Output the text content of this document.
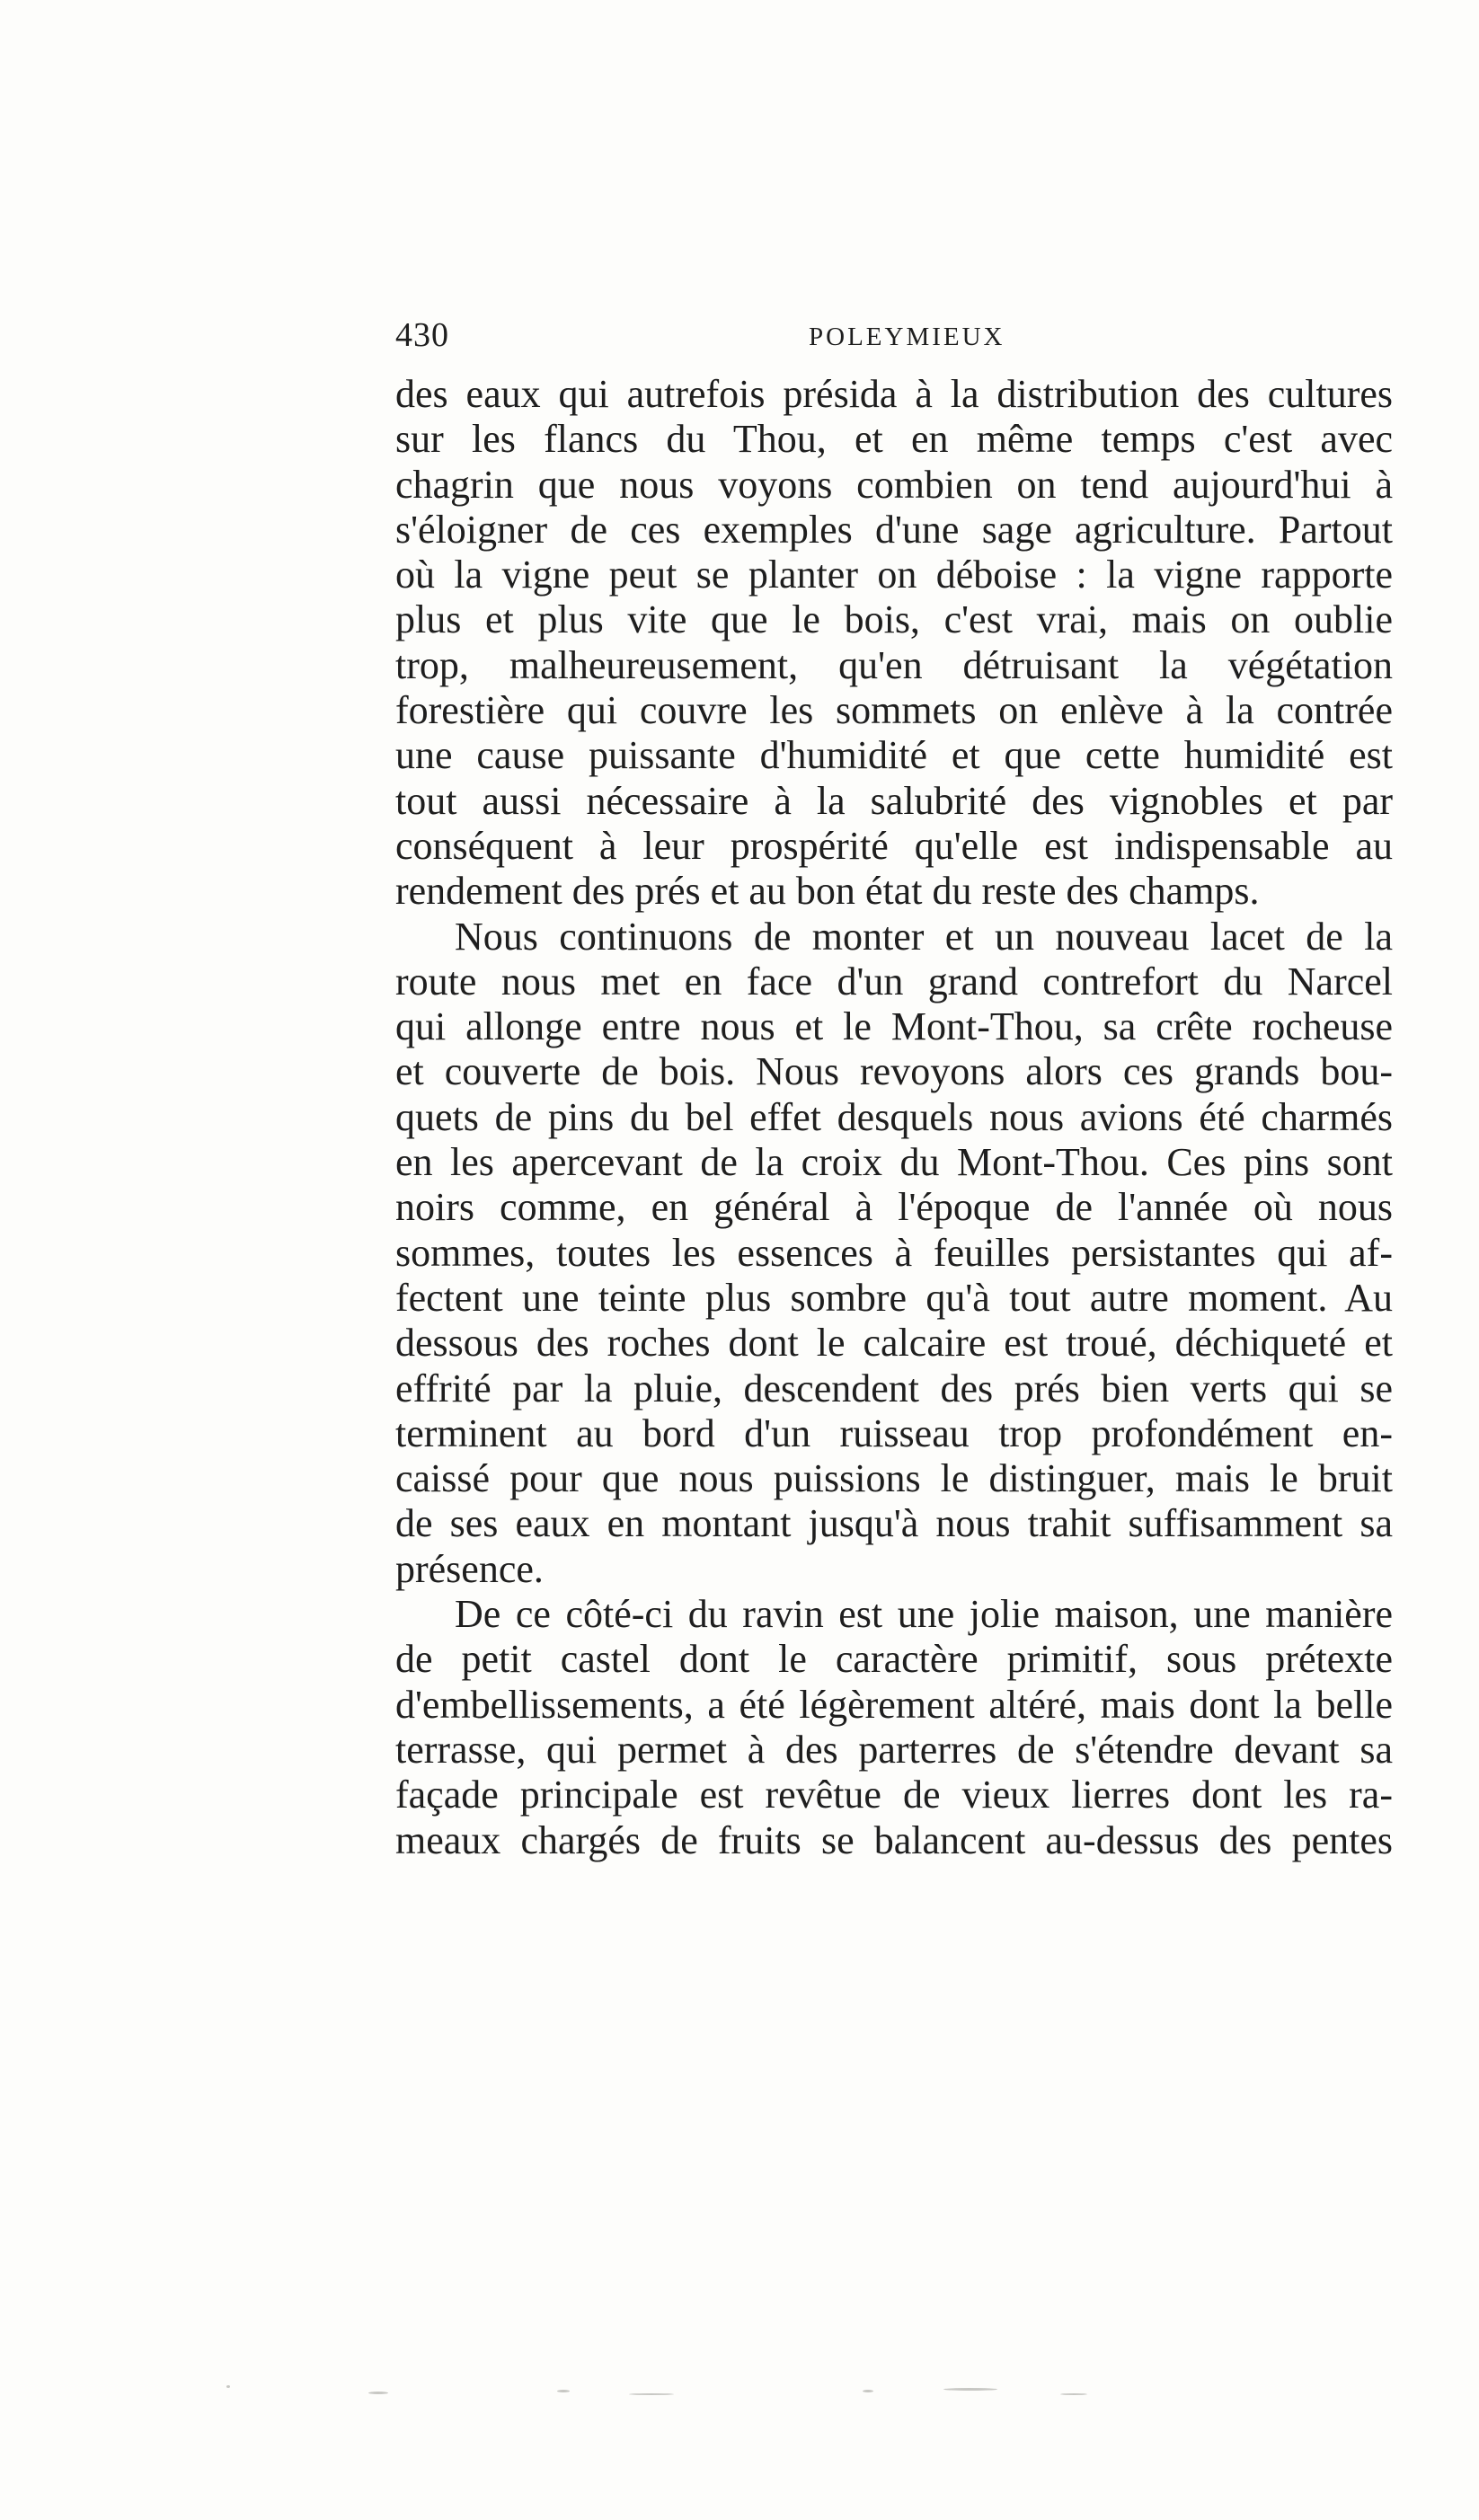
430	POLEYMIEUX
des eaux qui autrefois présida à la distribution des cultures
sur les flancs du Thou, et en même temps c'est avec
chagrin que nous voyons combien on tend aujourd'hui à
s'éloigner de ces exemples d'une sage agriculture. Partout
où la vigne peut se planter on déboise : la vigne rapporte
plus et plus vite que le bois, c'est vrai, mais on oublie
trop, malheureusement, qu'en détruisant la végétation
forestière qui couvre les sommets on enlève à la contrée
une cause puissante d'humidité et que cette humidité est
tout aussi nécessaire à la salubrité des vignobles et par
conséquent à leur prospérité qu'elle est indispensable au
rendement des prés et au bon état du reste des champs.
Nous continuons de monter et un nouveau lacet de la
route nous met en face d'un grand contrefort du Narcel
qui allonge entre nous et le Mont-Thou, sa crête rocheuse
et couverte de bois. Nous revoyons alors ces grands bou-
quets de pins du bel effet desquels nous avions été charmés
en les apercevant de la croix du Mont-Thou. Ces pins sont
noirs comme, en général à l'époque de l'année où nous
sommes, toutes les essences à feuilles persistantes qui af-
fectent une teinte plus sombre qu'à tout autre moment. Au
dessous des roches dont le calcaire est troué, déchiqueté et
effrité par la pluie, descendent des prés bien verts qui se
terminent au bord d'un ruisseau trop profondément en-
caissé pour que nous puissions le distinguer, mais le bruit
de ses eaux en montant jusqu'à nous trahit suffisamment sa
présence.
De ce côté-ci du ravin est une jolie maison, une manière
de petit castel dont le caractère primitif, sous prétexte
d'embellissements, a été légèrement altéré, mais dont la belle
terrasse, qui permet à des parterres de s'étendre devant sa
façade principale est revêtue de vieux lierres dont les ra-
meaux chargés de fruits se balancent au-dessus des pentes
